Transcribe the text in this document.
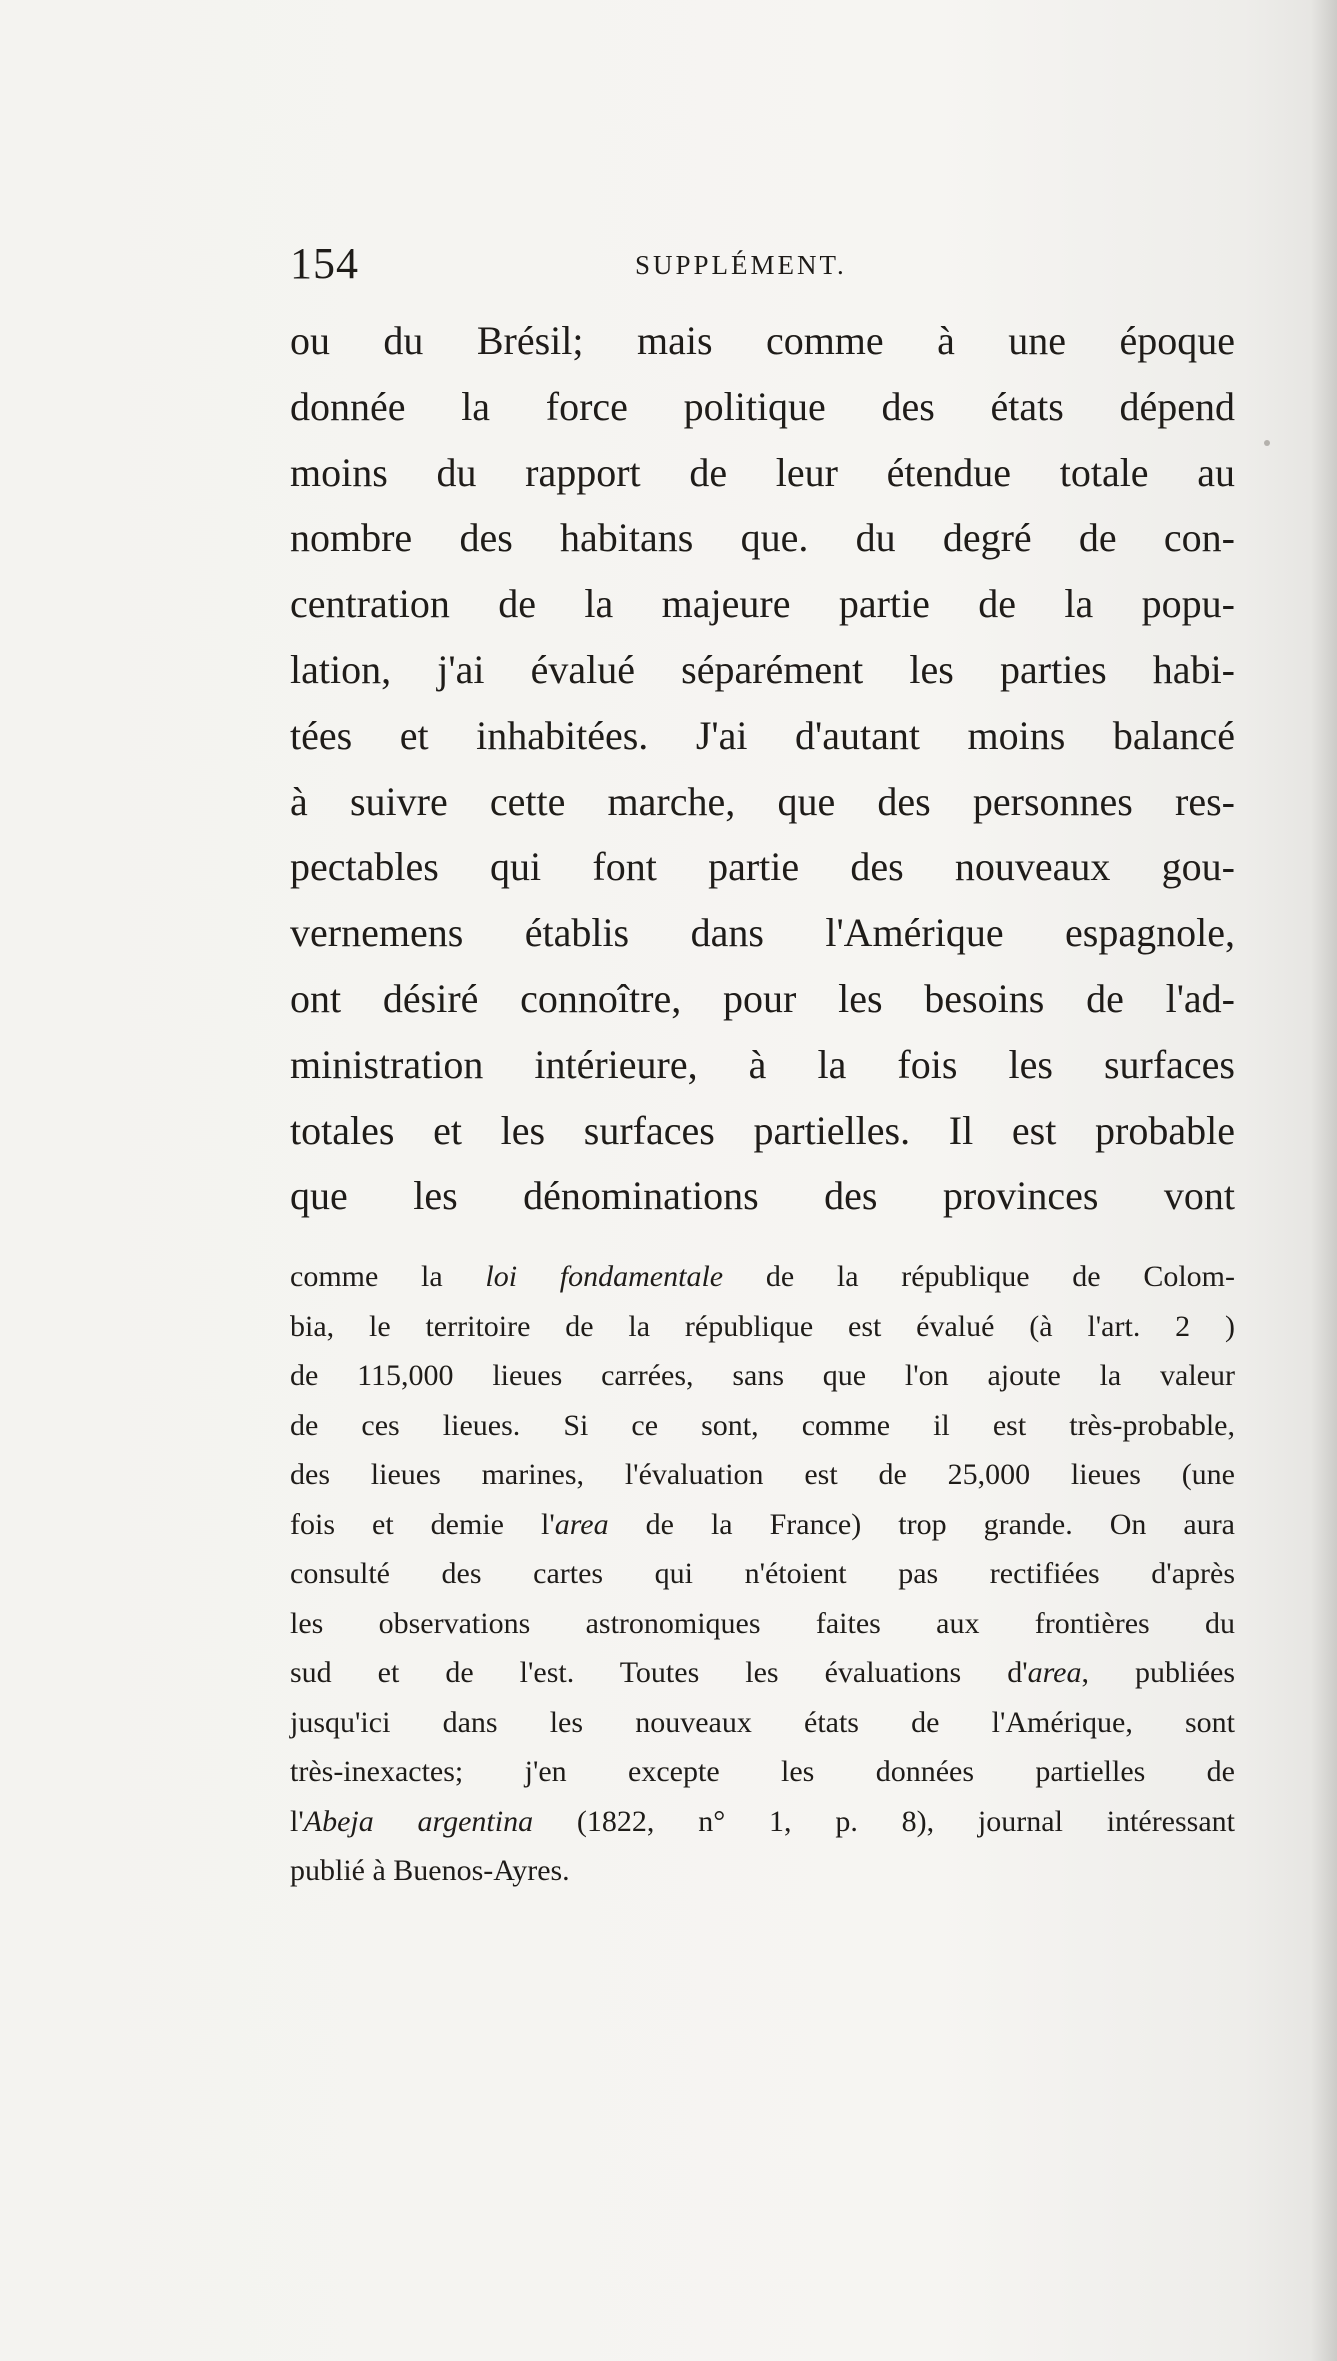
154	SUPPLÉMENT.
ou du Brésil; mais comme à une époque
donnée la force politique des états dépend
moins du rapport de leur étendue totale au
nombre des habitans que. du degré de con-
centration de la majeure partie de la popu-
lation, j'ai évalué séparément les parties habi-
tées et inhabitées. J'ai d'autant moins balancé
à suivre cette marche, que des personnes res-
pectables qui font partie des nouveaux gou-
vernemens établis dans l'Amérique espagnole,
ont désiré connoître, pour les besoins de l'ad-
ministration intérieure, à la fois les surfaces
totales et les surfaces partielles. Il est probable
que les dénominations des provinces vont
comme la loi fondamentale de la république de Colom-
bia, le territoire de la république est évalué (à l'art. 2 )
de 115,000 lieues carrées, sans que l'on ajoute la valeur
de ces lieues. Si ce sont, comme il est très-probable,
des lieues marines, l'évaluation est de 25,000 lieues (une
fois et demie l'area de la France) trop grande. On aura
consulté des cartes qui n'étoient pas rectifiées d'après
les observations astronomiques faites aux frontières du
sud et de l'est. Toutes les évaluations d'area, publiées
jusqu'ici dans les nouveaux états de l'Amérique, sont
très-inexactes; j'en excepte les données partielles de
l'Abeja argentina (1822, n° 1, p. 8), journal intéressant
publié à Buenos-Ayres.
